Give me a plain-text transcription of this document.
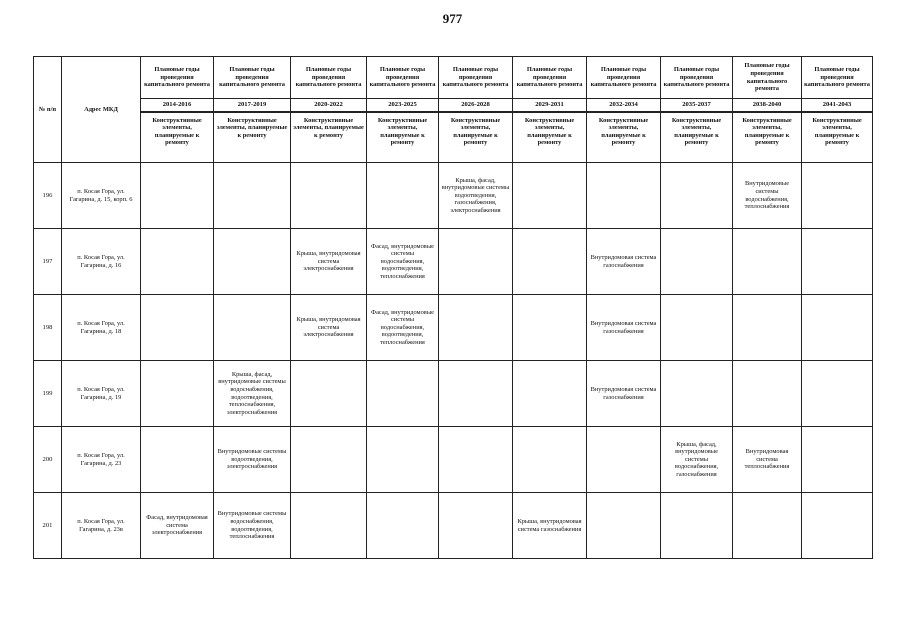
977
№ п/п	Адрес МКД	Плановые годы проведения капитального ремонта	Плановые годы проведения капитального ремонта	Плановые годы проведения капитального ремонта	Плановые годы проведения капитального ремонта	Плановые годы проведения капитального ремонта	Плановые годы проведения капитального ремонта	Плановые годы проведения капитального ремонта	Плановые годы проведения капитального ремонта	Плановые годы проведения капитального ремонта	Плановые годы проведения капитального ремонта
		2014-2016	2017-2019	2020-2022	2023-2025	2026-2028	2029-2031	2032-2034	2035-2037	2038-2040	2041-2043
		Конструктивные элементы, планируемые к ремонту	Конструктивные элементы, планируемые к ремонту	Конструктивные элементы, планируемые к ремонту	Конструктивные элементы, планируемые к ремонту	Конструктивные элементы, планируемые к ремонту	Конструктивные элементы, планируемые к ремонту	Конструктивные элементы, планируемые к ремонту	Конструктивные элементы, планируемые к ремонту	Конструктивные элементы, планируемые к ремонту	Конструктивные элементы, планируемые к ремонту
196	п. Косая Гора, ул. Гагарина, д. 15, корп. 6					Крыша, фасад, внутридомовые системы водоотведения, газоснабжения, электроснабжения				Внутридомовые системы водоснабжения, теплоснабжения	
197	п. Косая Гора, ул. Гагарина, д. 16			Крыша, внутридомовая система электроснабжения	Фасад, внутридомовые системы водоснабжения, водоотведения, теплоснабжения			Внутридомовая система газоснабжения			
198	п. Косая Гора, ул. Гагарина, д. 18			Крыша, внутридомовая система электроснабжения	Фасад, внутридомовые системы водоснабжения, водоотведения, теплоснабжения			Внутридомовая система газоснабжения			
199	п. Косая Гора, ул. Гагарина, д. 19		Крыша, фасад, внутридомовые системы водоснабжения, водоотведения, теплоснабжения, электроснабжения					Внутридомовая система газоснабжения			
200	п. Косая Гора, ул. Гагарина, д. 23		Внутридомовые системы водоотведения, электроснабжения						Крыша, фасад, внутридомовые системы водоснабжения, газоснабжения	Внутридомовая система теплоснабжения	
201	п. Косая Гора, ул. Гагарина, д. 23в	Фасад, внутридомовая система электроснабжения	Внутридомовые системы водоснабжения, водоотведения, теплоснабжения				Крыша, внутридомовая система газоснабжения				
